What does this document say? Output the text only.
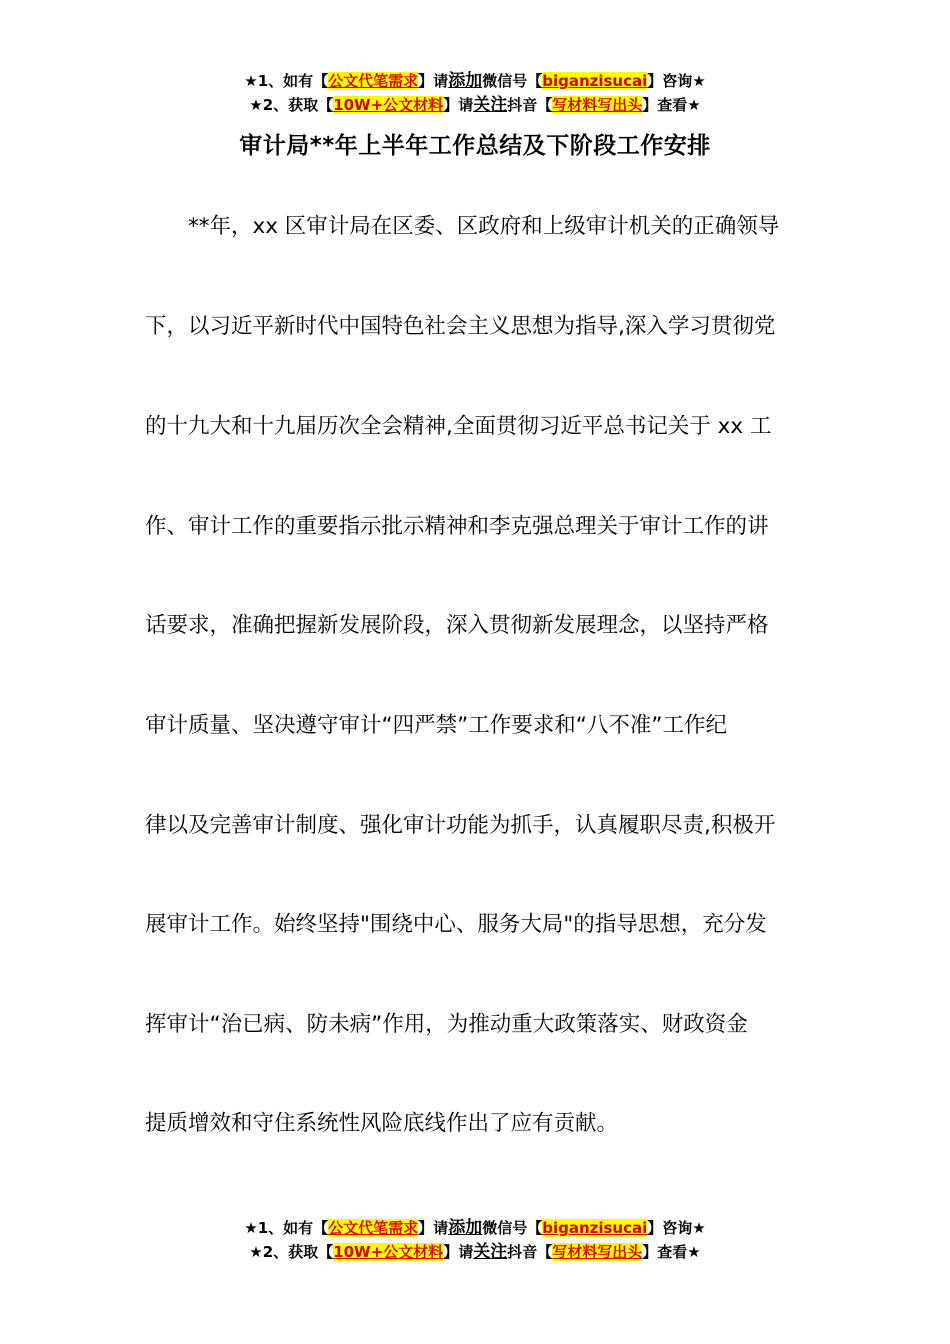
★1、如有【公文代笔需求】请添加微信号【biganzisucai】咨询★
★2、获取【10W+公文材料】请关注抖音【写材料写出头】查看★
审计局**年上半年工作总结及下阶段工作安排
　　**年，xx 区审计局在区委、区政府和上级审计机关的正确领导
下，以习近平新时代中国特色社会主义思想为指导,深入学习贯彻党
的十九大和十九届历次全会精神,全面贯彻习近平总书记关于 xx 工
作、审计工作的重要指示批示精神和李克强总理关于审计工作的讲
话要求，准确把握新发展阶段，深入贯彻新发展理念，以坚持严格
审计质量、坚决遵守审计“四严禁”工作要求和“八不准”工作纪
律以及完善审计制度、强化审计功能为抓手，认真履职尽责,积极开
展审计工作。始终坚持"围绕中心、服务大局"的指导思想，充分发
挥审计“治已病、防未病”作用，为推动重大政策落实、财政资金
提质增效和守住系统性风险底线作出了应有贡献。
★1、如有【公文代笔需求】请添加微信号【biganzisucai】咨询★
★2、获取【10W+公文材料】请关注抖音【写材料写出头】查看★
